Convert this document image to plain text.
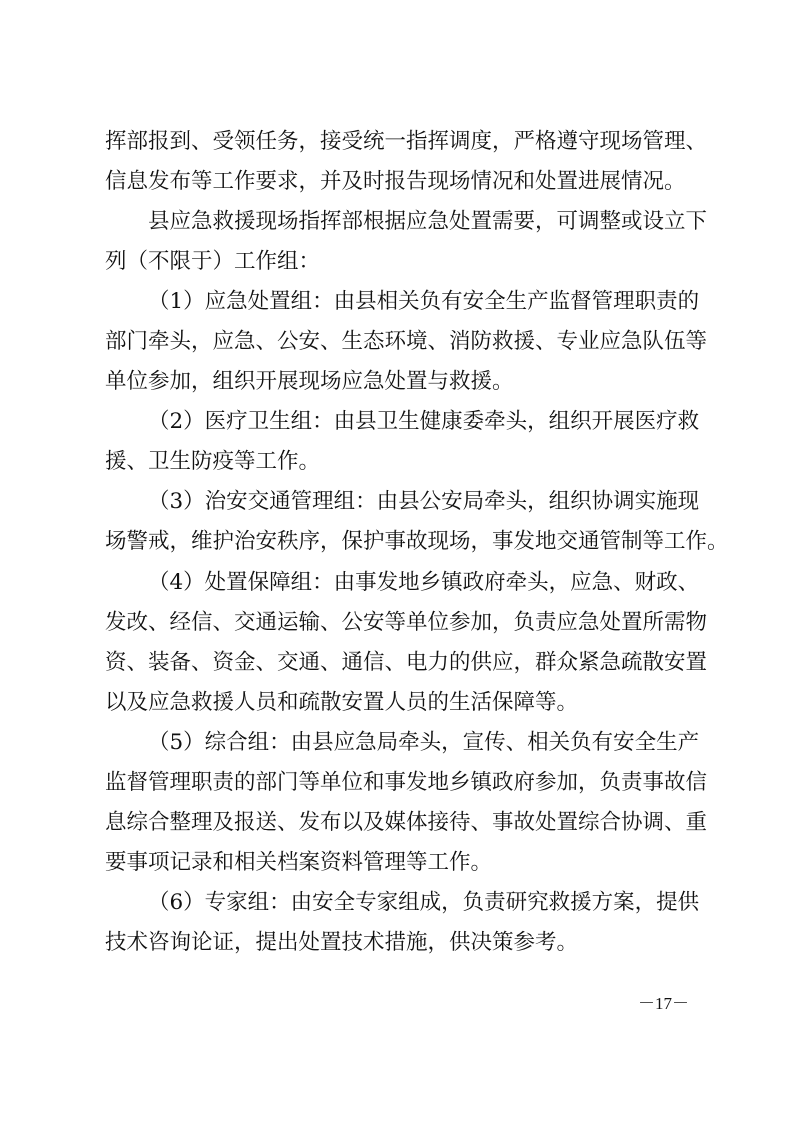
挥部报到、受领任务，接受统一指挥调度，严格遵守现场管理、
信息发布等工作要求，并及时报告现场情况和处置进展情况。
县应急救援现场指挥部根据应急处置需要，可调整或设立下
列（不限于）工作组：
（1）应急处置组：由县相关负有安全生产监督管理职责的
部门牵头，应急、公安、生态环境、消防救援、专业应急队伍等
单位参加，组织开展现场应急处置与救援。
（2）医疗卫生组：由县卫生健康委牵头，组织开展医疗救
援、卫生防疫等工作。
（3）治安交通管理组：由县公安局牵头，组织协调实施现
场警戒，维护治安秩序，保护事故现场，事发地交通管制等工作。
（4）处置保障组：由事发地乡镇政府牵头，应急、财政、
发改、经信、交通运输、公安等单位参加，负责应急处置所需物
资、装备、资金、交通、通信、电力的供应，群众紧急疏散安置
以及应急救援人员和疏散安置人员的生活保障等。
（5）综合组：由县应急局牵头，宣传、相关负有安全生产
监督管理职责的部门等单位和事发地乡镇政府参加，负责事故信
息综合整理及报送、发布以及媒体接待、事故处置综合协调、重
要事项记录和相关档案资料管理等工作。
（6）专家组：由安全专家组成，负责研究救援方案，提供
技术咨询论证，提出处置技术措施，供决策参考。
－17－
